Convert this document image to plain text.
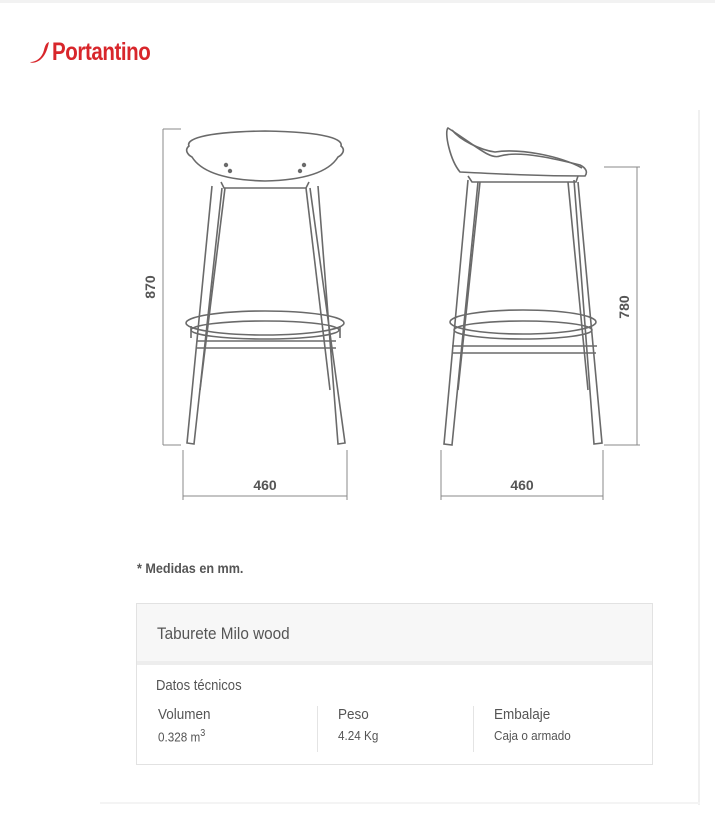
Portantino
870
460	460
780
* Medidas en mm.
Taburete Milo wood
Datos técnicos
Volumen
0.328 $m^3$
Peso
4.24 Kg
Embalaje
Caja o armado
